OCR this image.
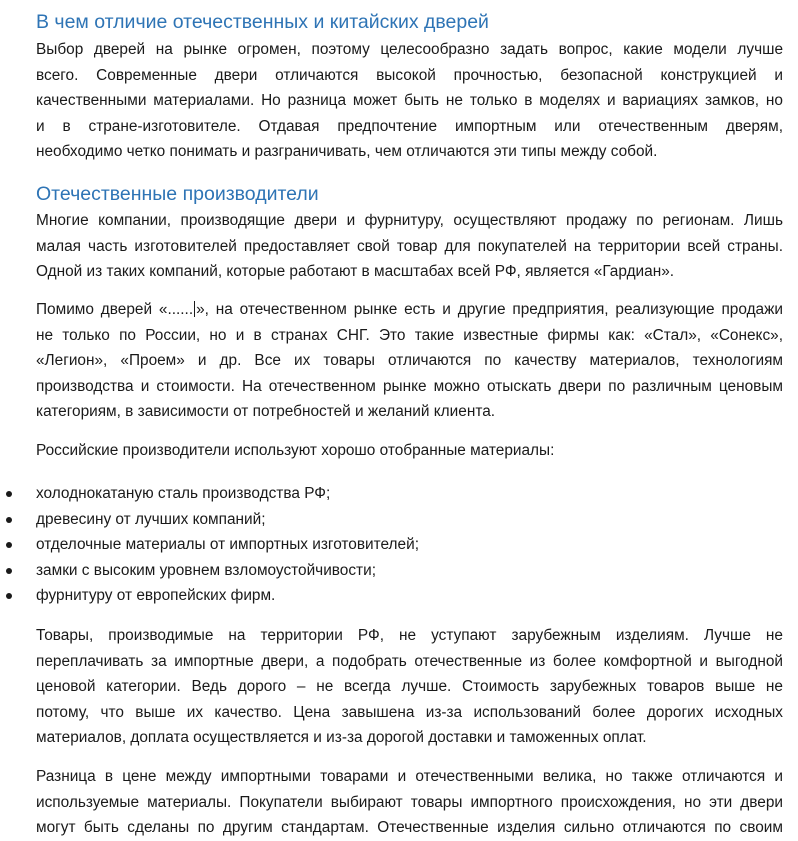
В чем отличие отечественных и китайских дверей
Выбор дверей на рынке огромен, поэтому целесообразно задать вопрос, какие модели лучше
всего. Современные двери отличаются высокой прочностью, безопасной конструкцией и
качественными материалами. Но разница может быть не только в моделях и вариациях замков, но
и в стране-изготовителе. Отдавая предпочтение импортным или отечественным дверям,
необходимо четко понимать и разграничивать, чем отличаются эти типы между собой.
Отечественные производители
Многие компании, производящие двери и фурнитуру, осуществляют продажу по регионам. Лишь
малая часть изготовителей предоставляет свой товар для покупателей на территории всей страны.
Одной из таких компаний, которые работают в масштабах всей РФ, является «Гардиан».
Помимо дверей «...... », на отечественном рынке есть и другие предприятия, реализующие продажи
не только по России, но и в странах СНГ. Это такие известные фирмы как: «Стал», «Сонекс»,
«Легион», «Проем» и др. Все их товары отличаются по качеству материалов, технологиям
производства и стоимости. На отечественном рынке можно отыскать двери по различным ценовым
категориям, в зависимости от потребностей и желаний клиента.
Российские производители используют хорошо отобранные материалы:
холоднокатаную сталь производства РФ;
древесину от лучших компаний;
отделочные материалы от импортных изготовителей;
замки с высоким уровнем взломоустойчивости;
фурнитуру от европейских фирм.
Товары, производимые на территории РФ, не уступают зарубежным изделиям. Лучше не
переплачивать за импортные двери, а подобрать отечественные из более комфортной и выгодной
ценовой категории. Ведь дорого – не всегда лучше. Стоимость зарубежных товаров выше не
потому, что выше их качество. Цена завышена из-за использований более дорогих исходных
материалов, доплата осуществляется и из-за дорогой доставки и таможенных оплат.
Разница в цене между импортными товарами и отечественными велика, но также отличаются и
используемые материалы. Покупатели выбирают товары импортного происхождения, но эти двери
могут быть сделаны по другим стандартам. Отечественные изделия сильно отличаются по своим
